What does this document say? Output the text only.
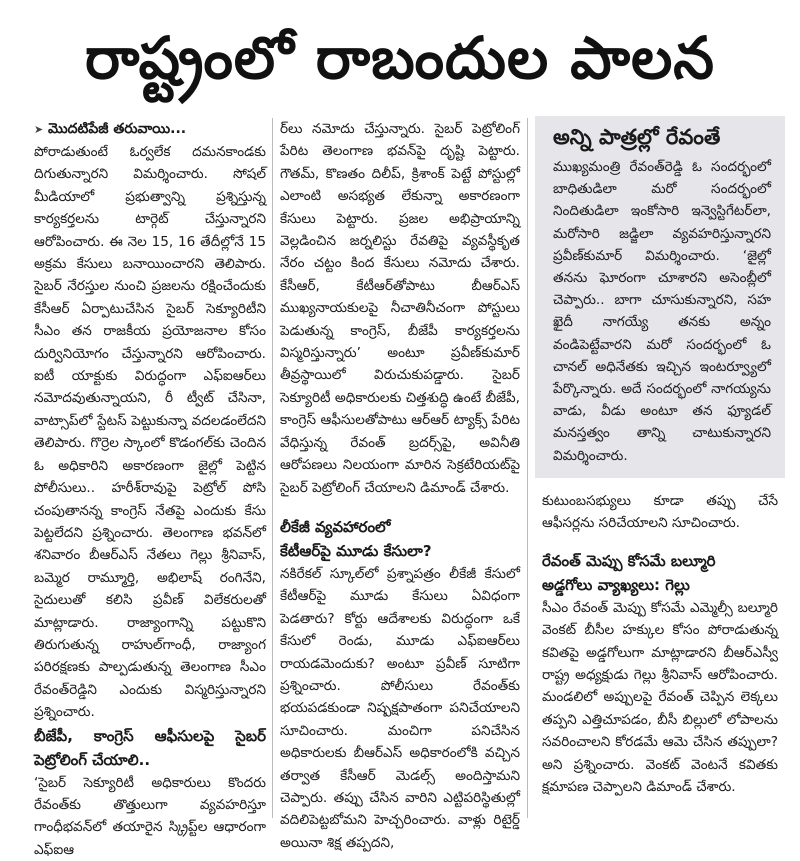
రాష్ట్రంలో రాబందుల పాలన

➤ మొదటిపేజీ తరువాయి...

పోరాడుతుంటే ఓర్వలేక దమనకాండకు దిగుతున్నారని విమర్శించారు. సోషల్ మీడియాలో ప్రభుత్వాన్ని ప్రశ్నిస్తున్న కార్యకర్తలను టార్గెట్ చేస్తున్నారని ఆరోపించారు. ఈ నెల 15, 16 తేదీల్లోనే 15 అక్రమ కేసులు బనాయించారని తెలిపారు. సైబర్ నేరస్తుల నుంచి ప్రజలను రక్షించేందుకు కేసీఆర్ ఏర్పాటుచేసిన సైబర్ సెక్యూరిటీని సీఎం తన రాజకీయ ప్రయోజనాల కోసం దుర్వినియోగం చేస్తున్నారని ఆరోపించారు. ఐటీ యాక్టుకు విరుద్ధంగా ఎఫ్ఐఆర్‌లు నమోదవుతున్నాయని, రీ ట్వీట్ చేసినా, వాట్సాప్‌లో స్టేటస్ పెట్టుకున్నా వదలడంలేదని తెలిపారు. గొర్రెల స్కాంలో కొడంగల్‌కు చెందిన ఓ అధికారిని అకారణంగా జైల్లో పెట్టిన పోలీసులు.. హరీశ్‌రావుపై పెట్రోల్ పోసి చంపుతానన్న కాంగ్రెస్ నేతపై ఎందుకు కేసు పెట్టలేదని ప్రశ్నించారు. తెలంగాణ భవన్‌లో శనివారం బీఆర్ఎస్ నేతలు గెల్లు శ్రీనివాస్, బమ్మెర రామ్మూర్తి, అభిలాష్ రంగినేని, సైదులుతో కలిసి ప్రవీణ్ విలేకరులతో మాట్లాడారు. రాజ్యాంగాన్ని పట్టుకొని తిరుగుతున్న రాహుల్‌గాంధీ, రాజ్యాంగ పరిరక్షణకు పాల్పడుతున్న తెలంగాణ సీఎం రేవంత్‌రెడ్డిని ఎందుకు విస్మరిస్తున్నారని ప్రశ్నించారు.

బీజేపీ, కాంగ్రెస్ ఆఫీసులపై సైబర్ పెట్రోలింగ్ చేయాలి..

‘సైబర్ సెక్యూరిటీ అధికారులు కొందరు రేవంత్‌కు తొత్తులుగా వ్యవహరిస్తూ గాంధీభవన్‌లో తయారైన స్క్రిప్ట్‌ల ఆధారంగా ఎఫ్ఐఆ

ర్‌లు నమోదు చేస్తున్నారు. సైబర్ పెట్రోలింగ్ పేరిట తెలంగాణ భవన్‌పై దృష్టి పెట్టారు. గౌతమ్, కొణతం దిలీప్, క్రిశాంక్ పెట్టే పోస్టుల్లో ఎలాంటి అసభ్యత లేకున్నా అకారణంగా కేసులు పెట్టారు. ప్రజల అభిప్రాయాన్ని వెల్లడించిన జర్నలిస్టు రేవతిపై వ్యవస్థీకృత నేరం చట్టం కింద కేసులు నమోదు చేశారు. కేసీఆర్, కేటీఆర్‌తోపాటు బీఆర్ఎస్ ముఖ్యనాయకులపై నీచాతినీచంగా పోస్టులు పెడుతున్న కాంగ్రెస్, బీజేపీ కార్యకర్తలను విస్మరిస్తున్నారు’ అంటూ ప్రవీణ్‌కుమార్ తీవ్రస్థాయిలో విరుచుకుపడ్డారు. సైబర్ సెక్యూరిటీ అధికారులకు చిత్తశుద్ధి ఉంటే బీజేపీ, కాంగ్రెస్ ఆఫీసులతోపాటు ఆర్ఆర్ ట్యాక్స్ పేరిట వేధిస్తున్న రేవంత్ బ్రదర్స్‌పై, అవినీతి ఆరోపణలు నిలయంగా మారిన సెక్రటేరియట్‌పై సైబర్ పెట్రోలింగ్ చేయాలని డిమాండ్ చేశారు.

లీకేజీ వ్యవహారంలో

కేటీఆర్‌పై మూడు కేసులా?

నకిరేకల్ స్కూల్‌లో ప్రశ్నాపత్రం లీకేజీ కేసులో కేటీఆర్‌పై మూడు కేసులు ఏవిధంగా పెడతారు? కోర్టు ఆదేశాలకు విరుద్ధంగా ఒకే కేసులో రెండు, మూడు ఎఫ్ఐఆర్‌లు రాయడమెందుకు? అంటూ ప్రవీణ్ సూటిగా ప్రశ్నించారు. పోలీసులు రేవంత్‌కు భయపడకుండా నిష్పక్షపాతంగా పనిచేయాలని సూచించారు. మంచిగా పనిచేసిన అధికారులకు బీఆర్ఎస్ అధికారంలోకి వచ్చిన తర్వాత కేసీఆర్ మెడల్స్ అందిస్తామని చెప్పారు. తప్పు చేసిన వారిని ఎట్టిపరిస్థితుల్లో వదిలిపెట్టబోమని హెచ్చరించారు. వాళ్లు రిటైర్డ్ అయినా శిక్ష తప్పదని,

అన్ని పాత్రల్లో రేవంతే

ముఖ్యమంత్రి రేవంత్‌రెడ్డి ఓ సందర్భంలో బాధితుడిలా మరో సందర్భంలో నిందితుడిలా ఇంకోసారి ఇన్వెస్టిగేటర్‌లా, మరోసారి జడ్జిలా వ్యవహరిస్తున్నారని ప్రవీణ్‌కుమార్ విమర్శించారు. ‘జైల్లో తనను ఘోరంగా చూశారని అసెంబ్లీలో చెప్పారు.. బాగా చూసుకున్నారని, సహ ఖైదీ నాగయ్యే తనకు అన్నం వండిపెట్టేవారని మరో సందర్భంలో ఓ చానల్ అధినేతకు ఇచ్చిన ఇంటర్వ్యూలో పేర్కొన్నారు. అదే సందర్భంలో నాగయ్యను వాడు, వీడు అంటూ తన ఫ్యూడల్ మనస్తత్వం తాన్ని చాటుకున్నారని విమర్శించారు.

కుటుంబసభ్యులు కూడా తప్పు చేసే ఆఫీసర్లను సరిచేయాలని సూచించారు.

రేవంత్ మెప్పు కోసమే బల్మూరి

అడ్డగోలు వ్యాఖ్యలు: గెల్లు

సీఎం రేవంత్ మెప్పు కోసమే ఎమ్మెల్సీ బల్మూరి వెంకట్ బీసీల హక్కుల కోసం పోరాడుతున్న కవితపై అడ్డగోలుగా మాట్లాడారని బీఆర్ఎస్వీ రాష్ట్ర అధ్యక్షుడు గెల్లు శ్రీనివాస్ ఆరోపించారు. మండలిలో అప్పులపై రేవంత్ చెప్పిన లెక్కలు తప్పని ఎత్తిచూపడం, బీసీ బిల్లులో లోపాలను సవరించాలని కోరడమే ఆమె చేసిన తప్పులా? అని ప్రశ్నించారు. వెంకట్ వెంటనే కవితకు క్షమాపణ చెప్పాలని డిమాండ్ చేశారు.
